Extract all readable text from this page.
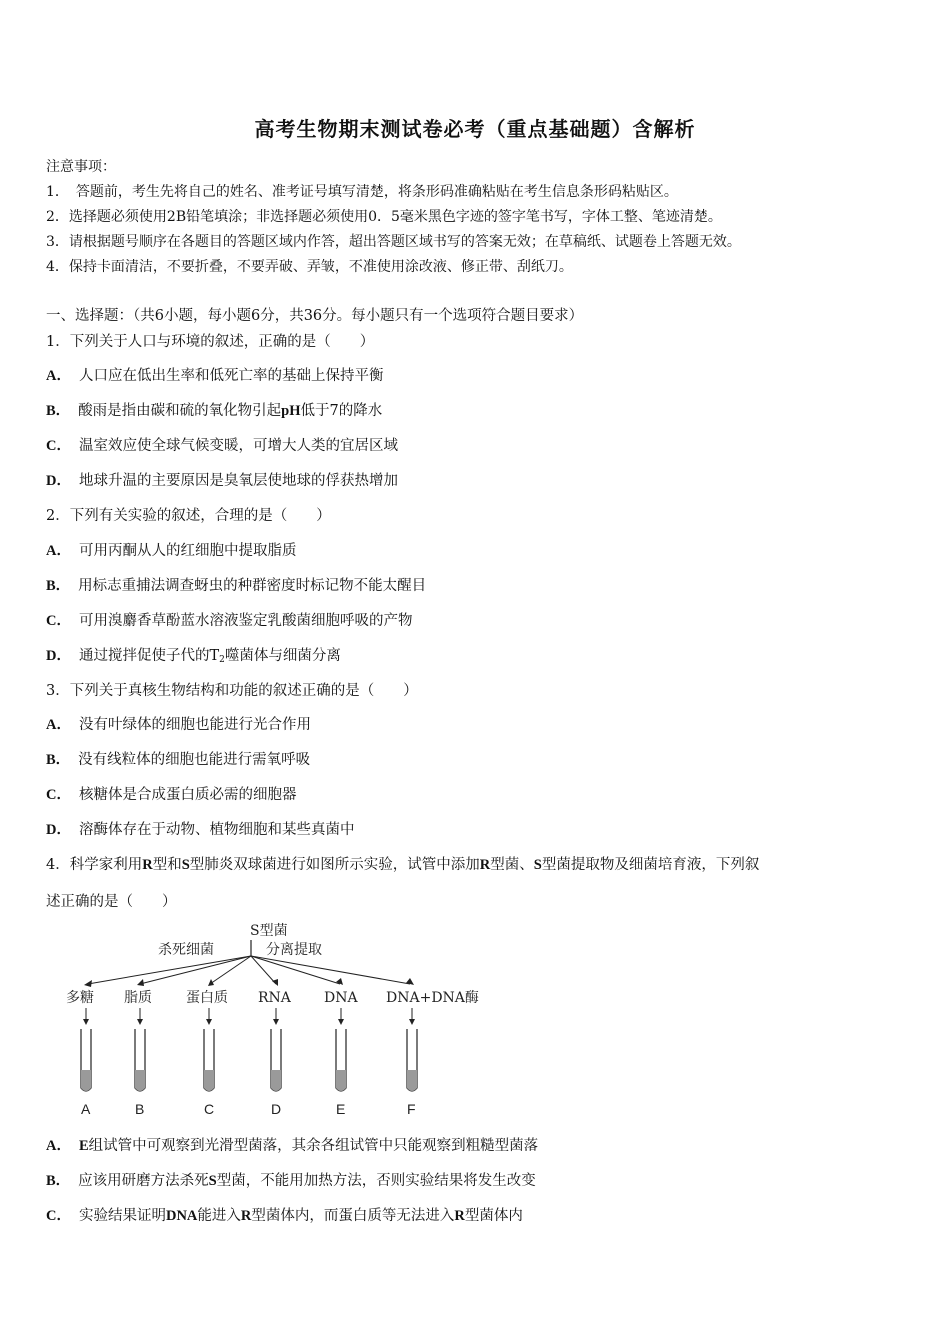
高考生物期末测试卷必考（重点基础题）含解析
注意事项：
1．　答题前，考生先将自己的姓名、准考证号填写清楚，将条形码准确粘贴在考生信息条形码粘贴区。
2．选择题必须使用2B铅笔填涂；非选择题必须使用0．5毫米黑色字迹的签字笔书写，字体工整、笔迹清楚。
3．请根据题号顺序在各题目的答题区域内作答，超出答题区域书写的答案无效；在草稿纸、试题卷上答题无效。
4．保持卡面清洁，不要折叠，不要弄破、弄皱，不准使用涂改液、修正带、刮纸刀。
一、选择题：（共6小题，每小题6分，共36分。每小题只有一个选项符合题目要求）
1．下列关于人口与环境的叙述，正确的是（　　）
A． 人口应在低出生率和低死亡率的基础上保持平衡
B． 酸雨是指由碳和硫的氧化物引起pH低于7的降水
C． 温室效应使全球气候变暖，可增大人类的宜居区域
D． 地球升温的主要原因是臭氧层使地球的俘获热增加
2．下列有关实验的叙述，合理的是（　　）
A． 可用丙酮从人的红细胞中提取脂质
B． 用标志重捕法调查蚜虫的种群密度时标记物不能太醒目
C． 可用溴麝香草酚蓝水溶液鉴定乳酸菌细胞呼吸的产物
D． 通过搅拌促使子代的$T_2$噬菌体与细菌分离
3．下列关于真核生物结构和功能的叙述正确的是（　　）
A． 没有叶绿体的细胞也能进行光合作用
B． 没有线粒体的细胞也能进行需氧呼吸
C． 核糖体是合成蛋白质必需的细胞器
D． 溶酶体存在于动物、植物细胞和某些真菌中
4．科学家利用R型和S型肺炎双球菌进行如图所示实验，试管中添加R型菌、S型菌提取物及细菌培育液，下列叙
述正确的是（　　）
S型菌
杀死细菌	分离提取
多糖 脂质 蛋白质 RNA DNA DNA+DNA酶
A	B	C	D	E	F
A． E组试管中可观察到光滑型菌落，其余各组试管中只能观察到粗糙型菌落
B． 应该用研磨方法杀死S型菌，不能用加热方法，否则实验结果将发生改变
C． 实验结果证明DNA能进入R型菌体内，而蛋白质等无法进入R型菌体内
